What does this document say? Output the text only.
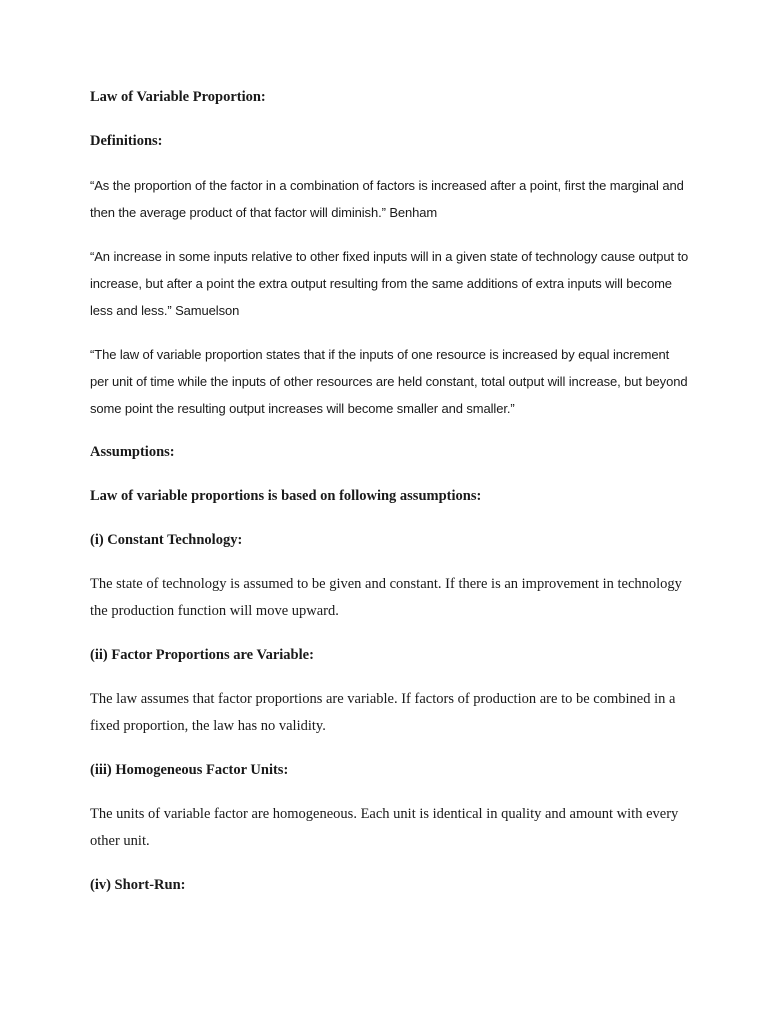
Law of Variable Proportion:
Definitions:
“As the proportion of the factor in a combination of factors is increased after a point, first the marginal and then the average product of that factor will diminish.” Benham
“An increase in some inputs relative to other fixed inputs will in a given state of technology cause output to increase, but after a point the extra output resulting from the same additions of extra inputs will become less and less.” Samuelson
“The law of variable proportion states that if the inputs of one resource is increased by equal increment per unit of time while the inputs of other resources are held constant, total output will increase, but beyond some point the resulting output increases will become smaller and smaller.”
Assumptions:
Law of variable proportions is based on following assumptions:
(i) Constant Technology:
The state of technology is assumed to be given and constant. If there is an improvement in technology the production function will move upward.
(ii) Factor Proportions are Variable:
The law assumes that factor proportions are variable. If factors of production are to be combined in a fixed proportion, the law has no validity.
(iii) Homogeneous Factor Units:
The units of variable factor are homogeneous. Each unit is identical in quality and amount with every other unit.
(iv) Short-Run:
